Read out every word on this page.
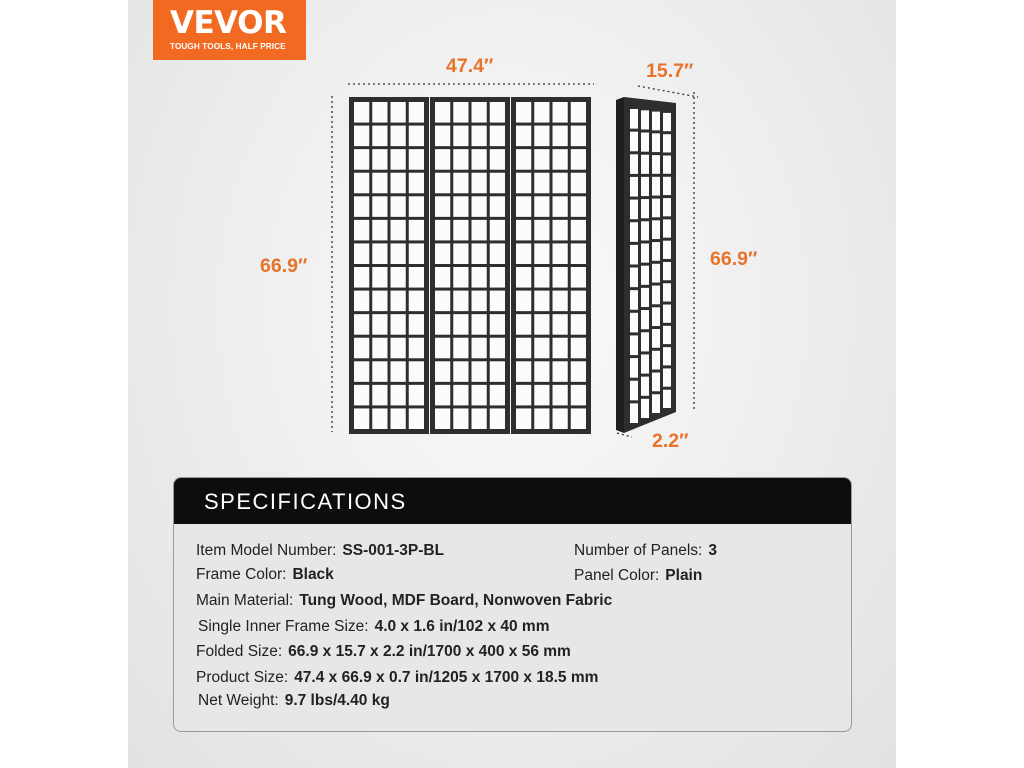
VEVOR
TOUGH TOOLS, HALF PRICE
47.4″
66.9″
15.7″
66.9″
2.2″
SPECIFICATIONS
Item Model Number: SS-001-3P-BL	Number of Panels: 3
Frame Color: Black	Panel Color: Plain
Main Material: Tung Wood, MDF Board, Nonwoven Fabric
Single Inner Frame Size: 4.0 x 1.6 in/102 x 40 mm
Folded Size: 66.9 x 15.7 x 2.2 in/1700 x 400 x 56 mm
Product Size: 47.4 x 66.9 x 0.7 in/1205 x 1700 x 18.5 mm
Net Weight: 9.7 lbs/4.40 kg
